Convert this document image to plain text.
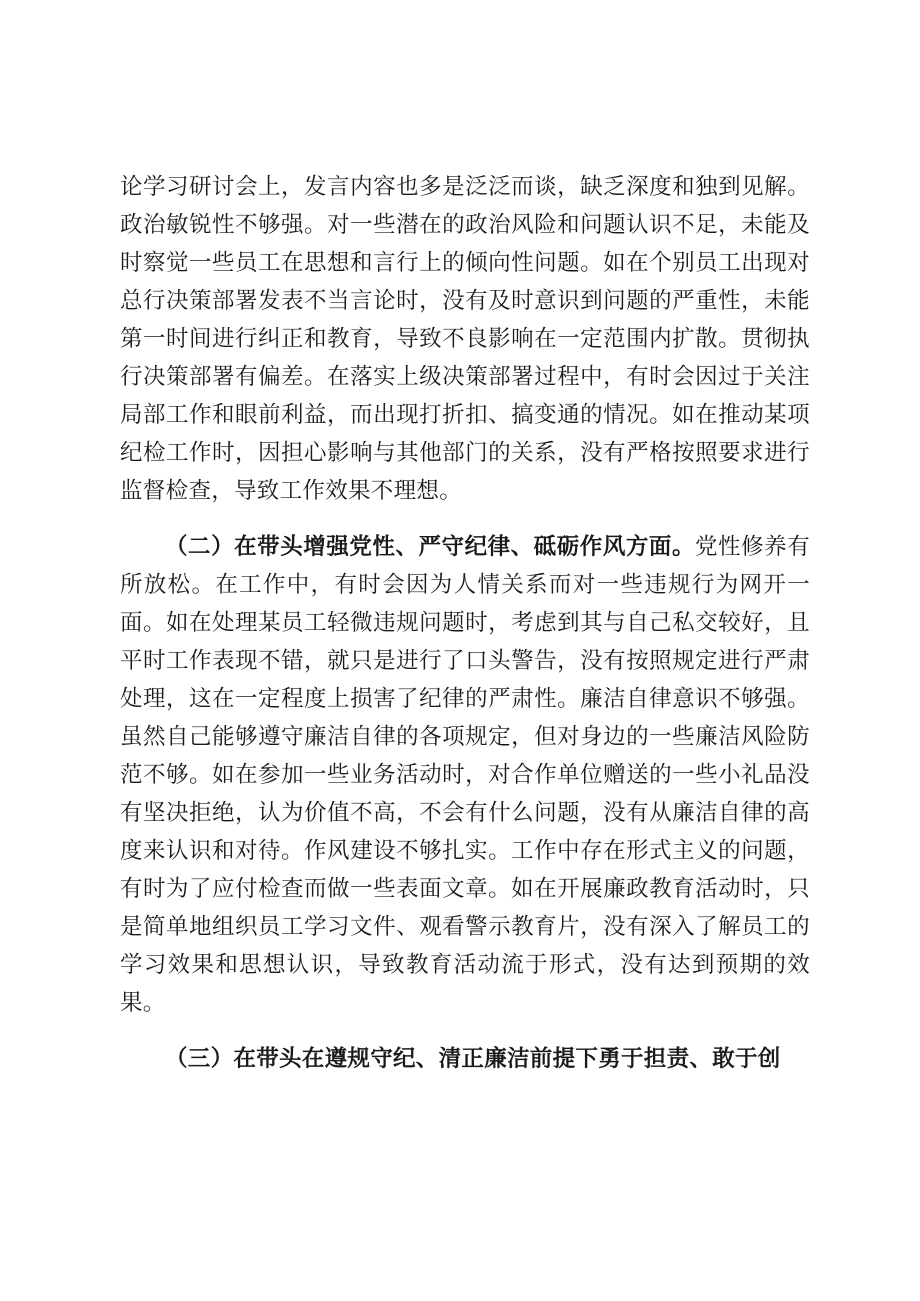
论学习研讨会上，发言内容也多是泛泛而谈，缺乏深度和独到见解。政治敏锐性不够强。对一些潜在的政治风险和问题认识不足，未能及时察觉一些员工在思想和言行上的倾向性问题。如在个别员工出现对总行决策部署发表不当言论时，没有及时意识到问题的严重性，未能第一时间进行纠正和教育，导致不良影响在一定范围内扩散。贯彻执行决策部署有偏差。在落实上级决策部署过程中，有时会因过于关注局部工作和眼前利益，而出现打折扣、搞变通的情况。如在推动某项纪检工作时，因担心影响与其他部门的关系，没有严格按照要求进行监督检查，导致工作效果不理想。

（二）在带头增强党性、严守纪律、砥砺作风方面。党性修养有所放松。在工作中，有时会因为人情关系而对一些违规行为网开一面。如在处理某员工轻微违规问题时，考虑到其与自己私交较好，且平时工作表现不错，就只是进行了口头警告，没有按照规定进行严肃处理，这在一定程度上损害了纪律的严肃性。廉洁自律意识不够强。虽然自己能够遵守廉洁自律的各项规定，但对身边的一些廉洁风险防范不够。如在参加一些业务活动时，对合作单位赠送的一些小礼品没有坚决拒绝，认为价值不高，不会有什么问题，没有从廉洁自律的高度来认识和对待。作风建设不够扎实。工作中存在形式主义的问题，有时为了应付检查而做一些表面文章。如在开展廉政教育活动时，只是简单地组织员工学习文件、观看警示教育片，没有深入了解员工的学习效果和思想认识，导致教育活动流于形式，没有达到预期的效果。

（三）在带头在遵规守纪、清正廉洁前提下勇于担责、敢于创
